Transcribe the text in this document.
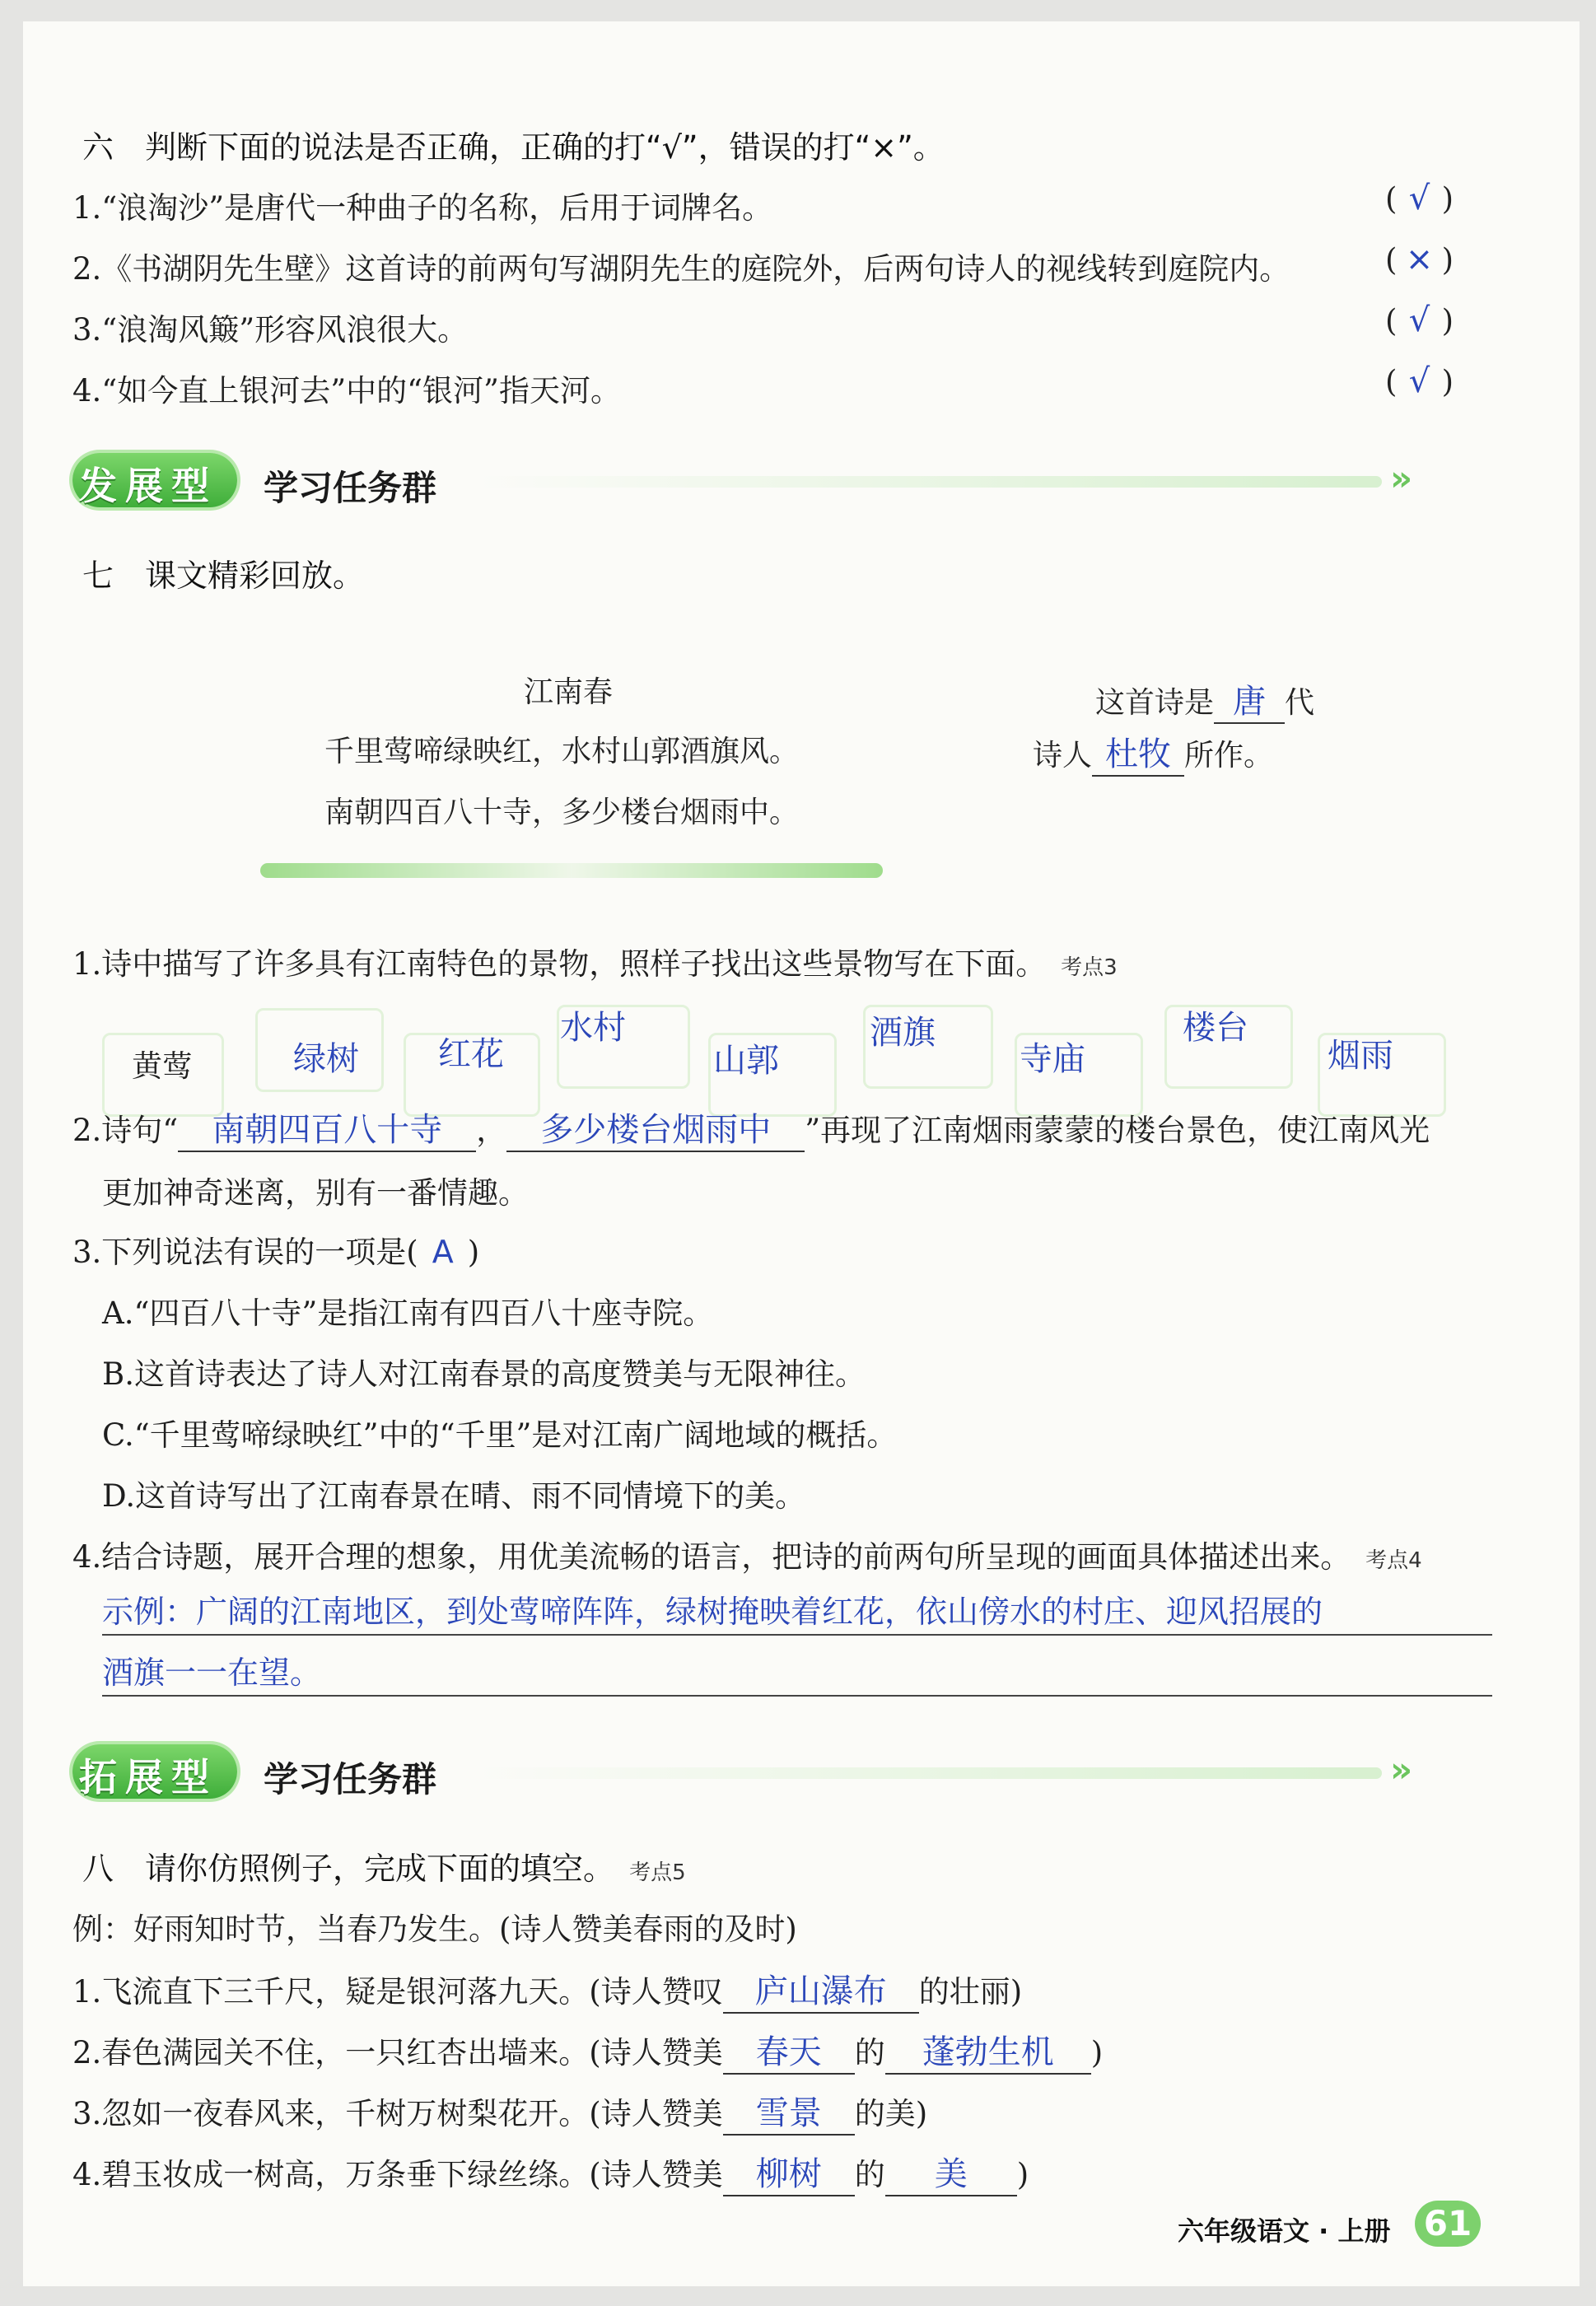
六　判断下面的说法是否正确，正确的打“√”，错误的打“×”。
1.“浪淘沙”是唐代一种曲子的名称，后用于词牌名。	( √ )
2.《书湖阴先生壁》这首诗的前两句写湖阴先生的庭院外，后两句诗人的视线转到庭院内。	( × )
3.“浪淘风簸”形容风浪很大。	( √ )
4.“如今直上银河去”中的“银河”指天河。	( √ )
发展型 学习任务群	»
七　课文精彩回放。
江南春
千里莺啼绿映红，水村山郭酒旗风。
南朝四百八十寺，多少楼台烟雨中。
这首诗是 唐 代
诗人 杜牧 所作。
1.诗中描写了许多具有江南特色的景物，照样子找出这些景物写在下面。 考点3
黄莺	绿树 红花
水村
山郭
酒旗
寺庙
楼台
烟雨
2.诗句“ 南朝四百八十寺 ， 多少楼台烟雨中 ”再现了江南烟雨蒙蒙的楼台景色，使江南风光
更加神奇迷离，别有一番情趣。
3.下列说法有误的一项是( A )
A.“四百八十寺”是指江南有四百八十座寺院。
B.这首诗表达了诗人对江南春景的高度赞美与无限神往。
C.“千里莺啼绿映红”中的“千里”是对江南广阔地域的概括。
D.这首诗写出了江南春景在晴、雨不同情境下的美。
4.结合诗题，展开合理的想象，用优美流畅的语言，把诗的前两句所呈现的画面具体描述出来。 考点4
示例：广阔的江南地区，到处莺啼阵阵，绿树掩映着红花，依山傍水的村庄、迎风招展的
酒旗一一在望。
拓展型 学习任务群	»
八　请你仿照例子，完成下面的填空。 考点5
例：好雨知时节，当春乃发生。(诗人赞美春雨的及时)
1.飞流直下三千尺，疑是银河落九天。(诗人赞叹 庐山瀑布 的壮丽)
2.春色满园关不住，一只红杏出墙来。(诗人赞美 春天 的 蓬勃生机 )
3.忽如一夜春风来，千树万树梨花开。(诗人赞美 雪景 的美)
4.碧玉妆成一树高，万条垂下绿丝绦。(诗人赞美 柳树 的 美 )
六年级语文 · 上册 61
